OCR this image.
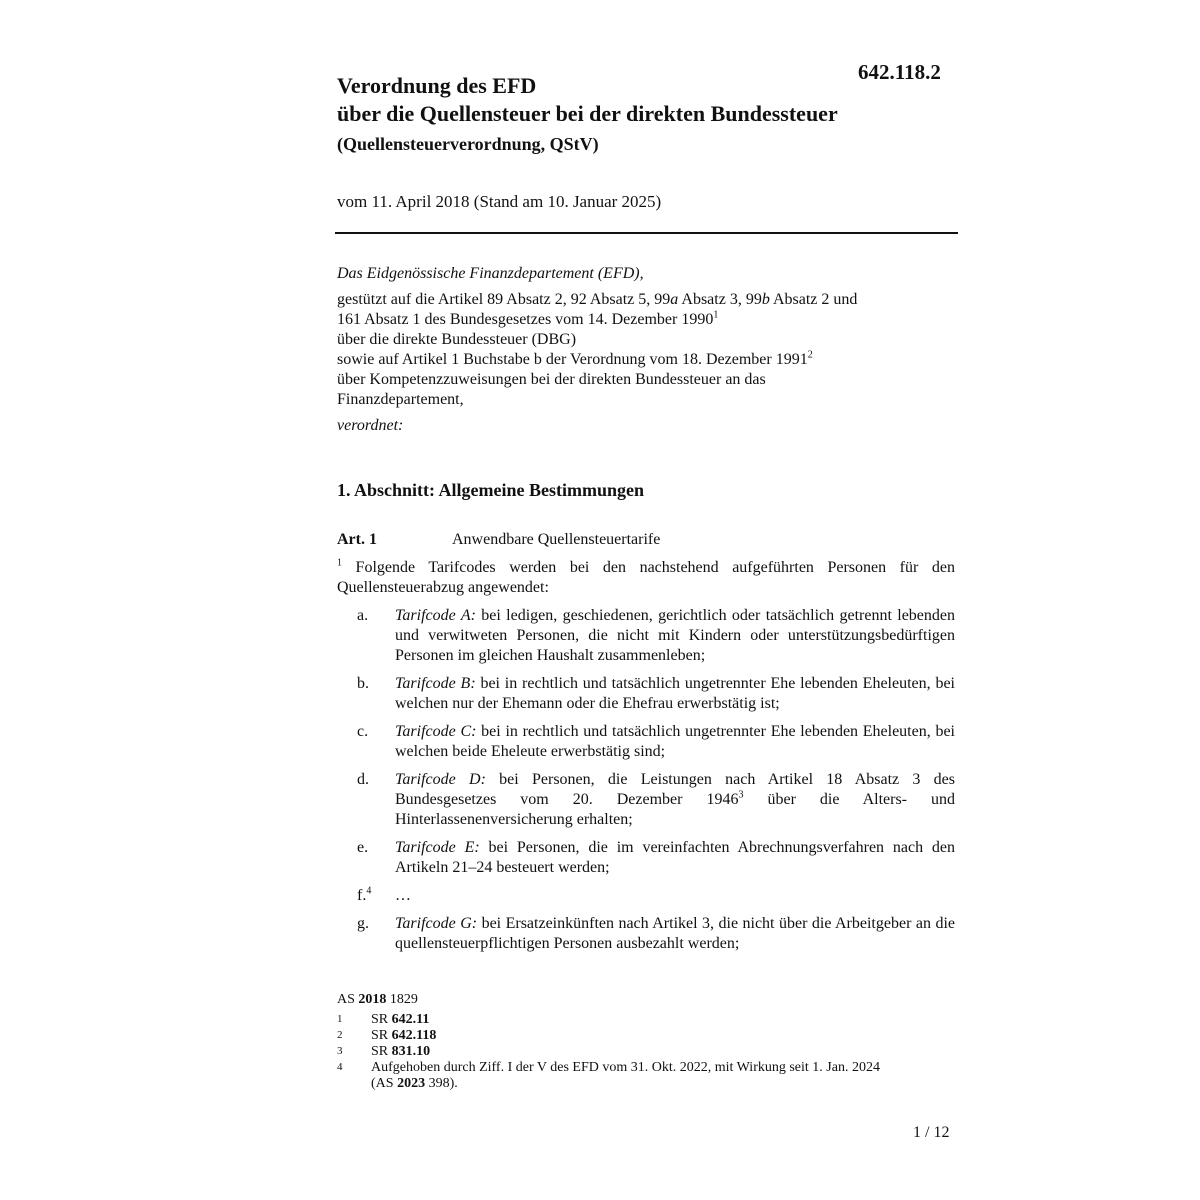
642.118.2
Verordnung des EFD
über die Quellensteuer bei der direkten Bundessteuer
(Quellensteuerverordnung, QStV)
vom 11. April 2018 (Stand am 10. Januar 2025)

Das Eidgenössische Finanzdepartement (EFD),

gestützt auf die Artikel 89 Absatz 2, 92 Absatz 5, 99a Absatz 3, 99b Absatz 2 und

161 Absatz 1 des Bundesgesetzes vom 14. Dezember 1990$^1$

über die direkte Bundessteuer (DBG)

sowie auf Artikel 1 Buchstabe b der Verordnung vom 18. Dezember 1991$^2$

über Kompetenzzuweisungen bei der direkten Bundessteuer an das

Finanzdepartement,

verordnet:

1. Abschnitt: Allgemeine Bestimmungen
Art. 1	Anwendbare Quellensteuertarife

$^1$ Folgende Tarifcodes werden bei den nachstehend aufgeführten Personen für den Quellensteuerabzug angewendet:

a.	Tarifcode A: bei ledigen, geschiedenen, gerichtlich oder tatsächlich getrennt lebenden und verwitweten Personen, die nicht mit Kindern oder unterstützungsbedürftigen Personen im gleichen Haushalt zusammenleben;
b.	Tarifcode B: bei in rechtlich und tatsächlich ungetrennter Ehe lebenden Eheleuten, bei welchen nur der Ehemann oder die Ehefrau erwerbstätig ist;
c.	Tarifcode C: bei in rechtlich und tatsächlich ungetrennter Ehe lebenden Eheleuten, bei welchen beide Eheleute erwerbstätig sind;
d.	Tarifcode D: bei Personen, die Leistungen nach Artikel 18 Absatz 3 des Bundesgesetzes vom 20. Dezember 1946$^3$ über die Alters- und Hinterlassenenversicherung erhalten;
e.	Tarifcode E: bei Personen, die im vereinfachten Abrechnungsverfahren nach den Artikeln 21–24 besteuert werden;
f.$^4$	…
g.	Tarifcode G: bei Ersatzeinkünften nach Artikel 3, die nicht über die Arbeitgeber an die quellensteuerpflichtigen Personen ausbezahlt werden;
AS 2018 1829
1	SR 642.11
2	SR 642.118
3	SR 831.10
4	Aufgehoben durch Ziff. I der V des EFD vom 31. Okt. 2022, mit Wirkung seit 1. Jan. 2024 (AS 2023 398).
1 / 12
